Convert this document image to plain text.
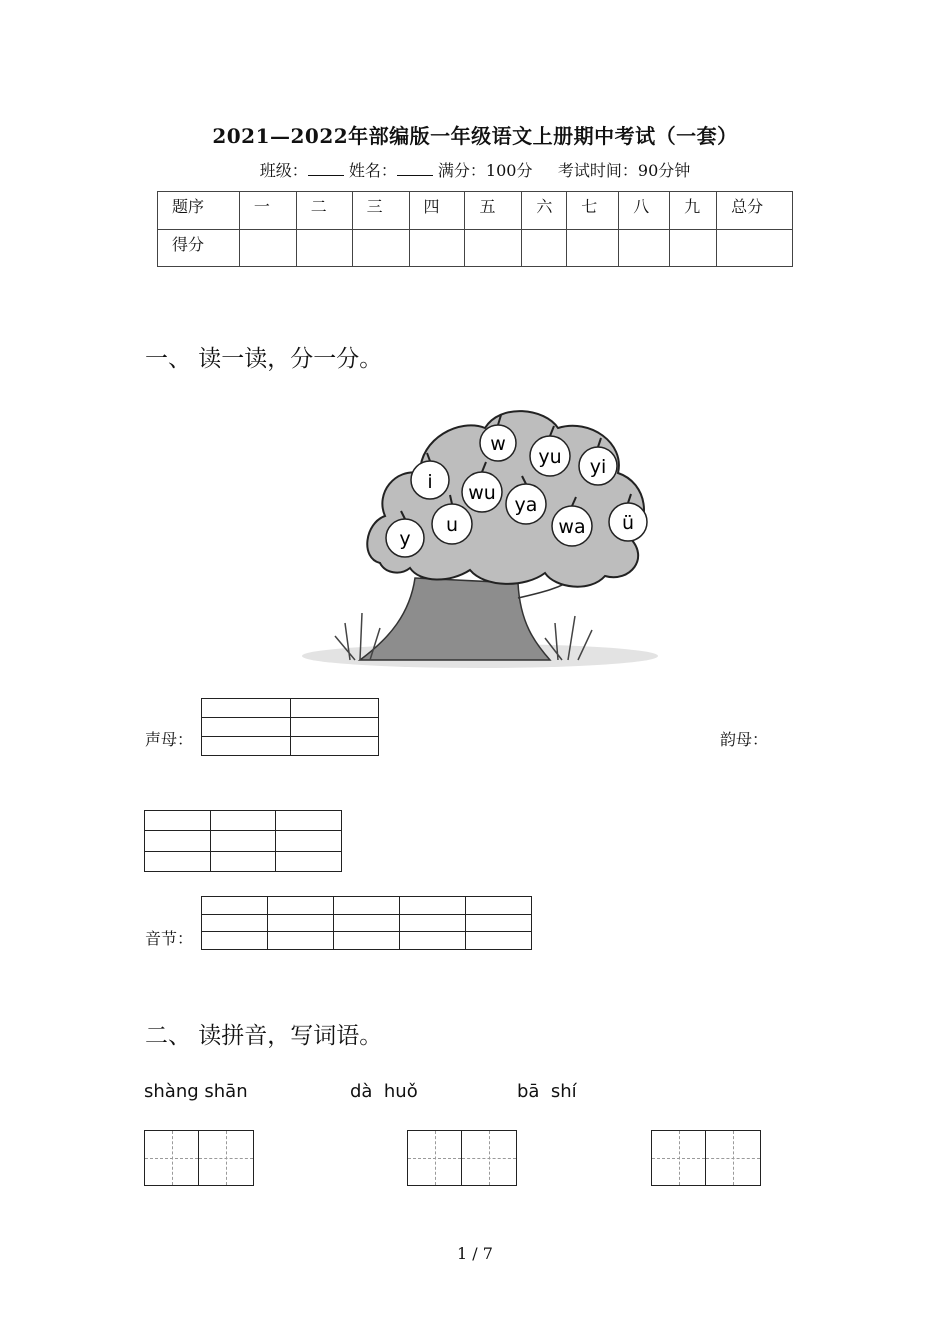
2021—2022年部编版一年级语文上册期中考试（一套）
班级：	姓名：	满分：100分 考试时间：90分钟
题序	一	二	三	四	五	六	七	八	九	总分
得分										
一、 读一读，分一分。
w
yu yi
i wu
ya
u
y
wa ü
声母：

		韵母：

音节：

二、 读拼音，写词语。
shàng shān	dà  huǒ	bā  shí
1 / 7
